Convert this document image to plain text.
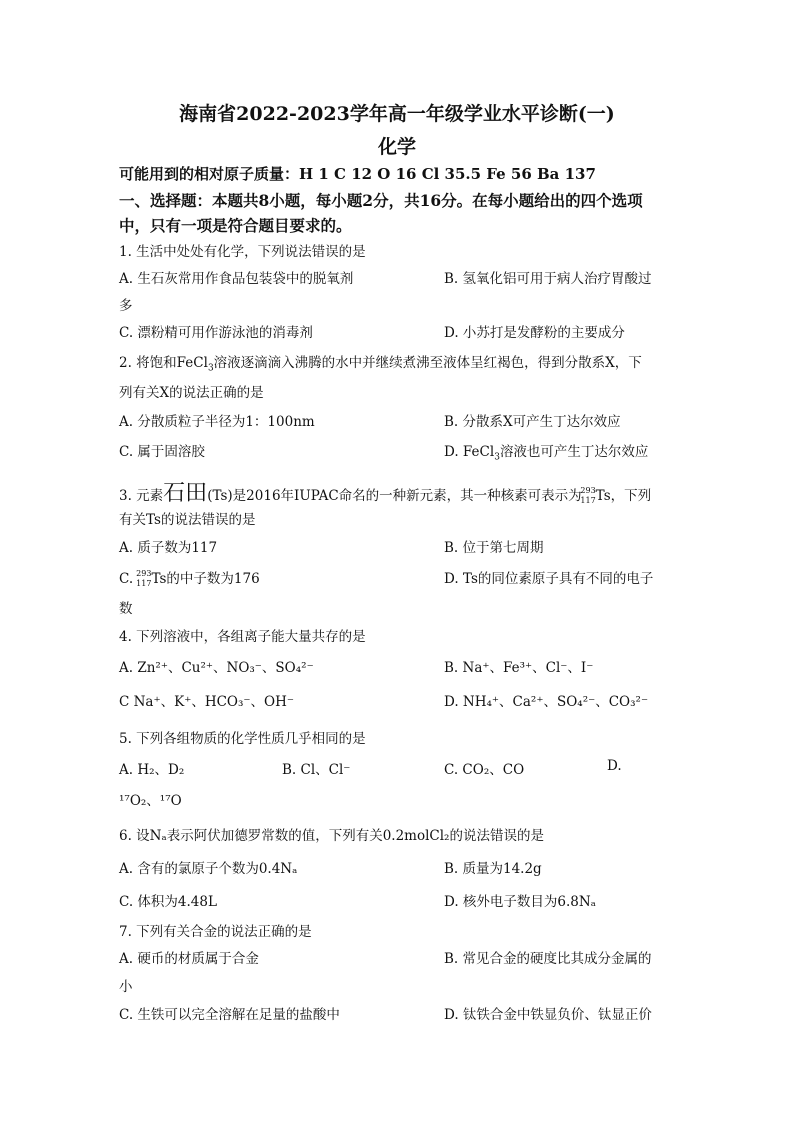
海南省2022-2023学年高一年级学业水平诊断(一)
化学
可能用到的相对原子质量：H 1 C 12 O 16 Cl 35.5 Fe 56 Ba 137
一、选择题：本题共8小题，每小题2分，共16分。在每小题给出的四个选项
中，只有一项是符合题目要求的。
1. 生活中处处有化学，下列说法错误的是
A. 生石灰常用作食品包装袋中的脱氧剂	B. 氢氧化铝可用于病人治疗胃酸过
多
C. 漂粉精可用作游泳池的消毒剂	D. 小苏打是发酵粉的主要成分
2. 将饱和FeCl$_3$溶液逐滴滴入沸腾的水中并继续煮沸至液体呈红褐色，得到分散系X，下
列有关X的说法正确的是
A. 分散质粒子半径为1：100nm	B. 分散系X可产生丁达尔效应
C. 属于固溶胶	D. FeCl$_3$溶液也可产生丁达尔效应
3. 元素石田(Ts)是2016年IUPAC命名的一种新元素，其一种核素可表示为
293
117 Ts，下列
有关Ts的说法错误的是
A. 质子数为117	B. 位于第七周期
C.
293
117 Ts的中子数为176	D. Ts的同位素原子具有不同的电子
数
4. 下列溶液中，各组离子能大量共存的是
A. Zn²⁺、Cu²⁺、NO₃⁻、SO₄²⁻	B. Na⁺、Fe³⁺、Cl⁻、I⁻
C Na⁺、K⁺、HCO₃⁻、OH⁻	D. NH₄⁺、Ca²⁺、SO₄²⁻、CO₃²⁻
5. 下列各组物质的化学性质几乎相同的是
A. H₂、D₂	B. Cl、Cl⁻	C. CO₂、CO	D.
¹⁷O₂、¹⁷O
6. 设Nₐ表示阿伏加德罗常数的值，下列有关0.2molCl₂的说法错误的是
A. 含有的氯原子个数为0.4Nₐ	B. 质量为14.2g
C. 体积为4.48L	D. 核外电子数目为6.8Nₐ
7. 下列有关合金的说法正确的是
A. 硬币的材质属于合金	B. 常见合金的硬度比其成分金属的
小
C. 生铁可以完全溶解在足量的盐酸中	D. 钛铁合金中铁显负价、钛显正价
